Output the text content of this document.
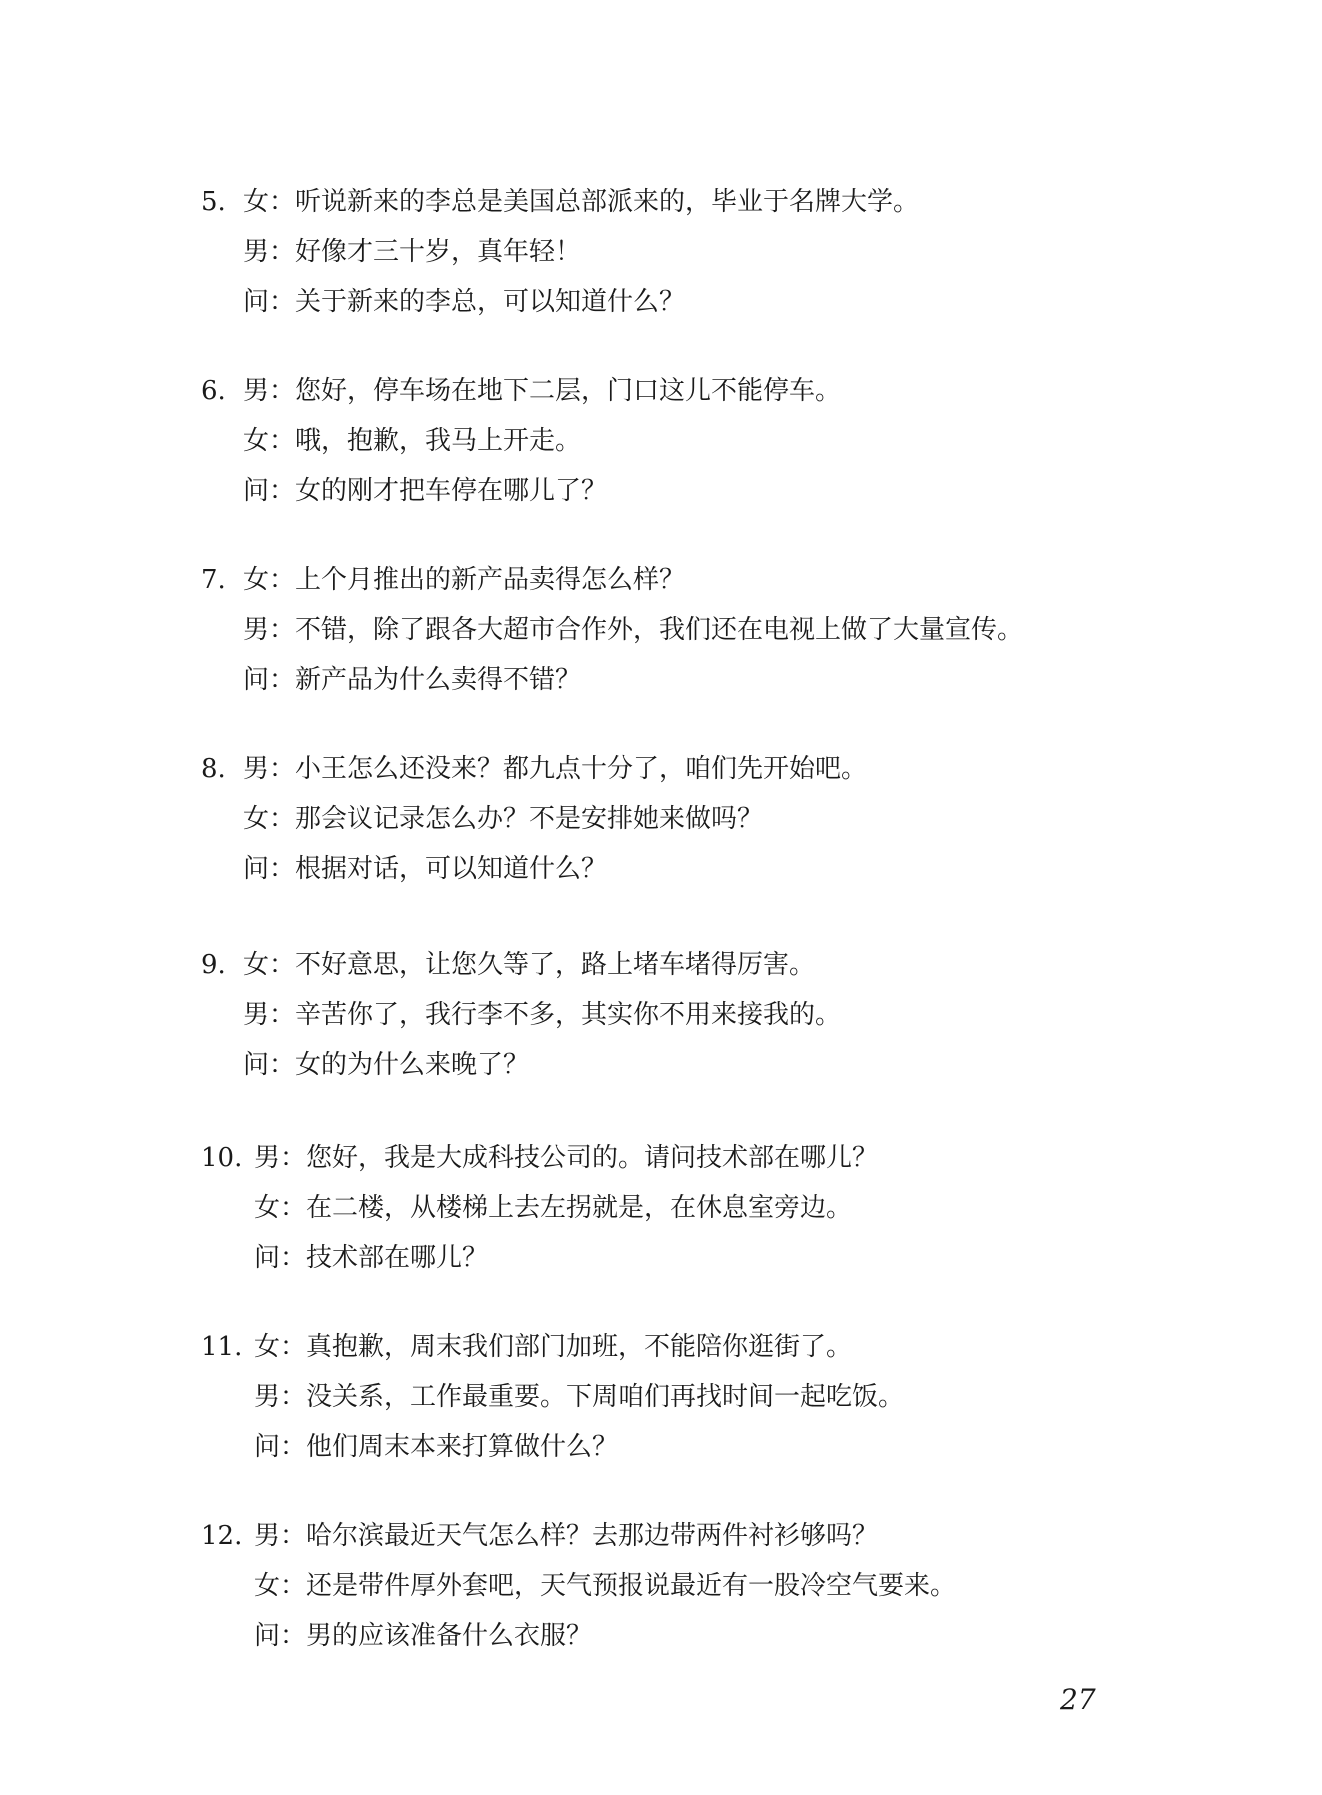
5. 女：听说新来的李总是美国总部派来的，毕业于名牌大学。
男：好像才三十岁，真年轻！
问：关于新来的李总，可以知道什么？
6. 男：您好，停车场在地下二层，门口这儿不能停车。
女：哦，抱歉，我马上开走。
问：女的刚才把车停在哪儿了？
7. 女：上个月推出的新产品卖得怎么样？
男：不错，除了跟各大超市合作外，我们还在电视上做了大量宣传。
问：新产品为什么卖得不错？
8. 男：小王怎么还没来？都九点十分了，咱们先开始吧。
女：那会议记录怎么办？不是安排她来做吗？
问：根据对话，可以知道什么？
9. 女：不好意思，让您久等了，路上堵车堵得厉害。
男：辛苦你了，我行李不多，其实你不用来接我的。
问：女的为什么来晚了？
10. 男：您好，我是大成科技公司的。请问技术部在哪儿？
女：在二楼，从楼梯上去左拐就是，在休息室旁边。
问：技术部在哪儿？
11. 女：真抱歉，周末我们部门加班，不能陪你逛街了。
男：没关系，工作最重要。下周咱们再找时间一起吃饭。
问：他们周末本来打算做什么？
12. 男：哈尔滨最近天气怎么样？去那边带两件衬衫够吗？
女：还是带件厚外套吧，天气预报说最近有一股冷空气要来。
问：男的应该准备什么衣服？
27
